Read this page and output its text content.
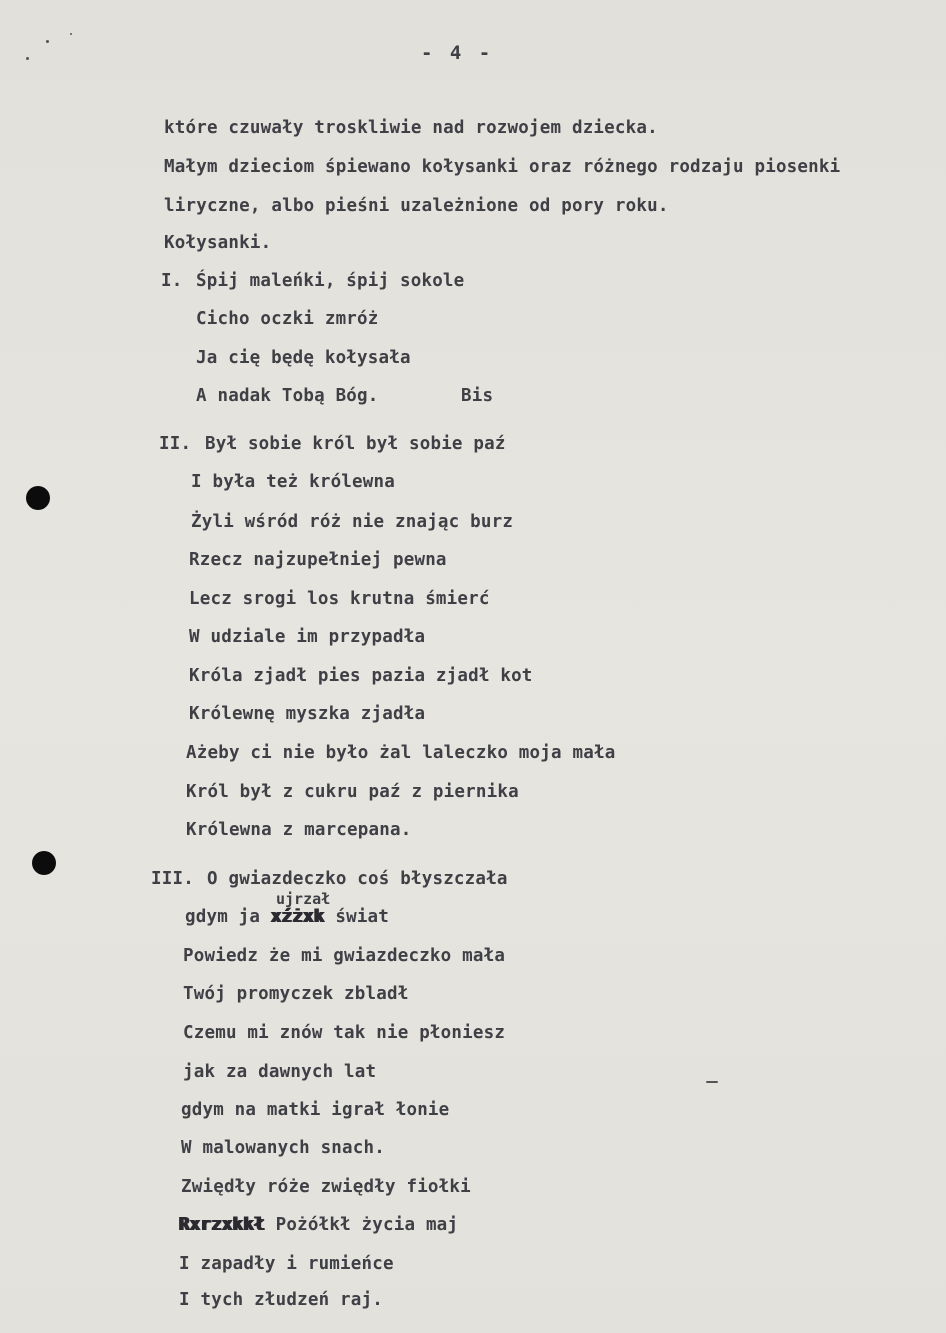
- 4 -
które czuwały troskliwie nad rozwojem dziecka.
Małym dzieciom śpiewano kołysanki oraz różnego rodzaju piosenki
liryczne, albo pieśni uzależnione od pory roku.
Kołysanki.
I. Śpij maleńki, śpij sokole
Cicho oczki zmróż
Ja cię będę kołysała
A nadak Tobą Bóg.	Bis
II. Był sobie król był sobie paź
I była też królewna
Żyli wśród róż nie znając burz
Rzecz najzupełniej pewna
Lecz srogi los krutna śmierć
W udziale im przypadła
Króla zjadł pies pazia zjadł kot
Królewnę myszka zjadła
Ażeby ci nie było żal laleczko moja mała
Król był z cukru paź z piernika
Królewna z marcepana.
III. O gwiazdeczko coś błyszczała
ujrzał
gdym ja xźżxk świat
Powiedz że mi gwiazdeczko mała
Twój promyczek zbladł
Czemu mi znów tak nie płoniesz
jak za dawnych lat
gdym na matki igrał łonie
W malowanych snach.
Zwiędły róże zwiędły fiołki
Rxrzxkkł Pożółkł życia maj
I zapadły i rumieńce
I tych złudzeń raj.
